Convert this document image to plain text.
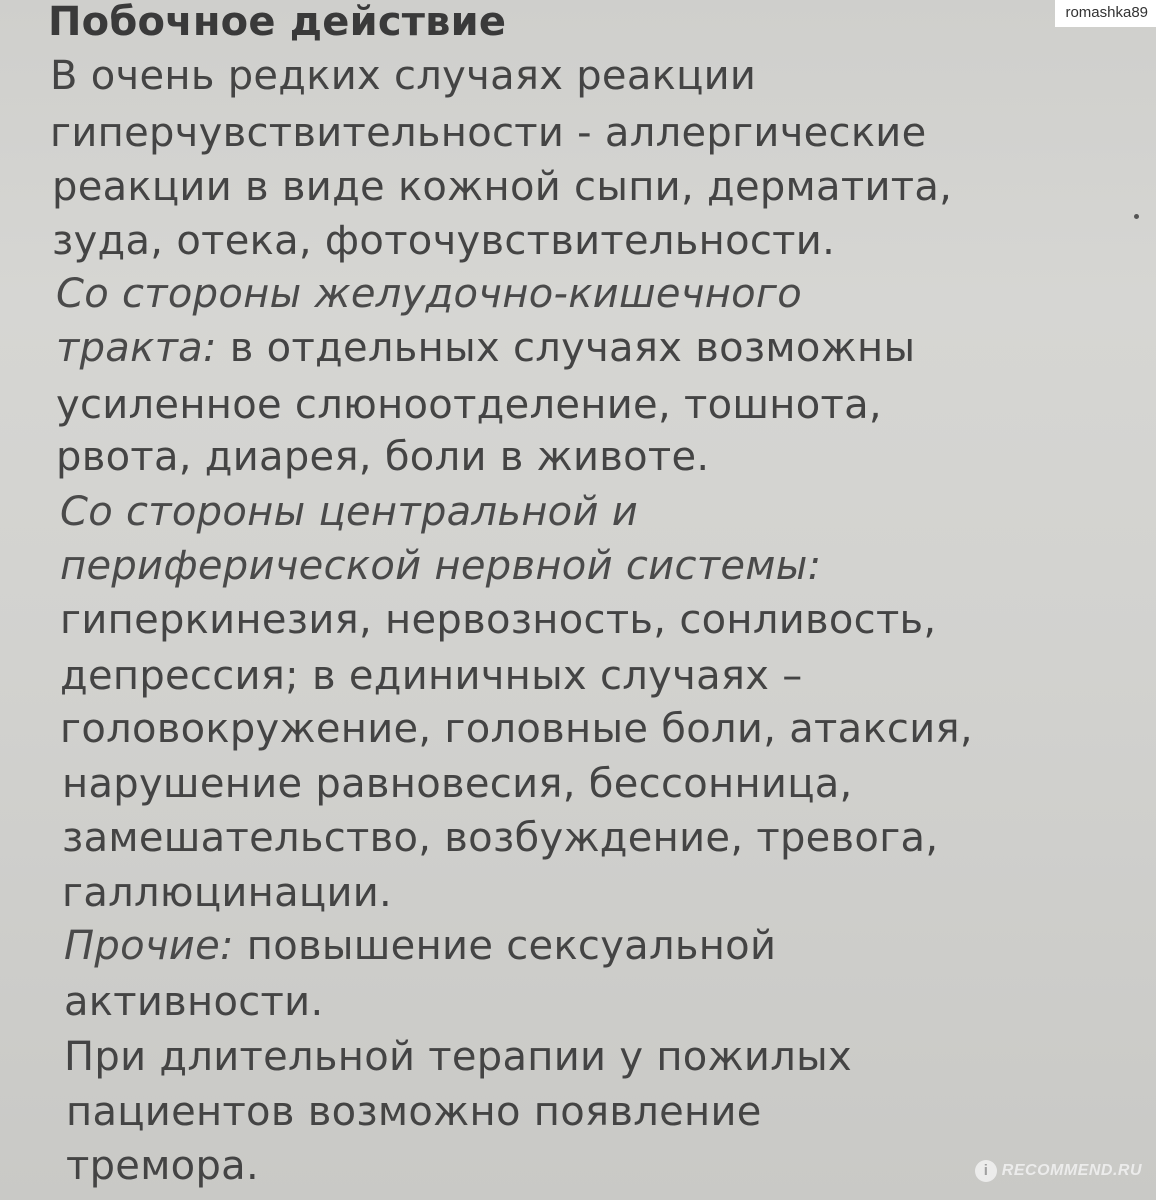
Побочное действие
В очень редких случаях реакции
гиперчувствительности - аллергические
реакции в виде кожной сыпи, дерматита,
зуда, отека, фоточувствительности.
Со стороны желудочно-кишечного
тракта: в отдельных случаях возможны
усиленное слюноотделение, тошнота,
рвота, диарея, боли в животе.
Со стороны центральной и
периферической нервной системы:
гиперкинезия, нервозность, сонливость,
депрессия; в единичных случаях –
головокружение, головные боли, атаксия,
нарушение равновесия, бессонница,
замешательство, возбуждение, тревога,
галлюцинации.
Прочие: повышение сексуальной
активности.
При длительной терапии у пожилых
пациентов возможно появление
тремора.
romashka89
i RECOMMEND.RU
